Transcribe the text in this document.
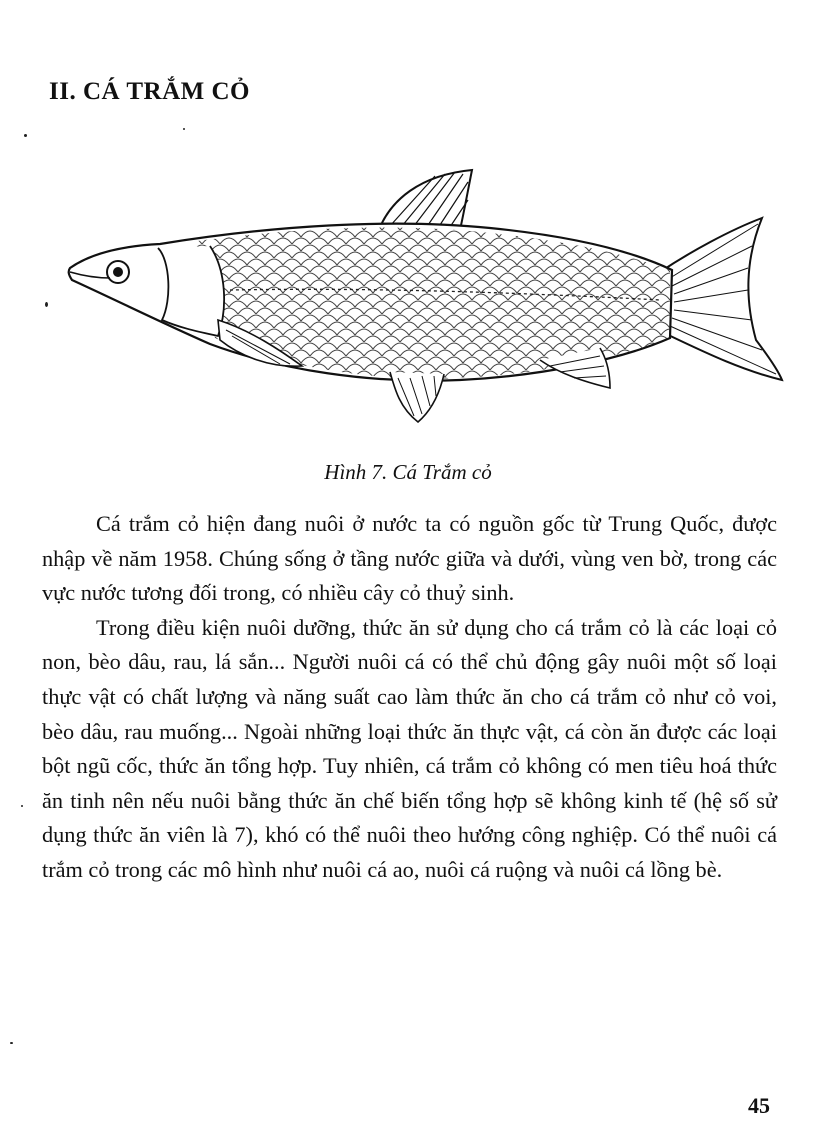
II. CÁ TRẮM CỎ
Hình 7. Cá Trắm cỏ

Cá trắm cỏ hiện đang nuôi ở nước ta có nguồn gốc từ Trung Quốc, được nhập về năm 1958. Chúng sống ở tầng nước giữa và dưới, vùng ven bờ, trong các vực nước tương đối trong, có nhiều cây cỏ thuỷ sinh.

Trong điều kiện nuôi dưỡng, thức ăn sử dụng cho cá trắm cỏ là các loại cỏ non, bèo dâu, rau, lá sắn... Người nuôi cá có thể chủ động gây nuôi một số loại thực vật có chất lượng và năng suất cao làm thức ăn cho cá trắm cỏ như cỏ voi, bèo dâu, rau muống... Ngoài những loại thức ăn thực vật, cá còn ăn được các loại bột ngũ cốc, thức ăn tổng hợp. Tuy nhiên, cá trắm cỏ không có men tiêu hoá thức ăn tinh nên nếu nuôi bằng thức ăn chế biến tổng hợp sẽ không kinh tế (hệ số sử dụng thức ăn viên là 7), khó có thể nuôi theo hướng công nghiệp. Có thể nuôi cá trắm cỏ trong các mô hình như nuôi cá ao, nuôi cá ruộng và nuôi cá lồng bè.

45
